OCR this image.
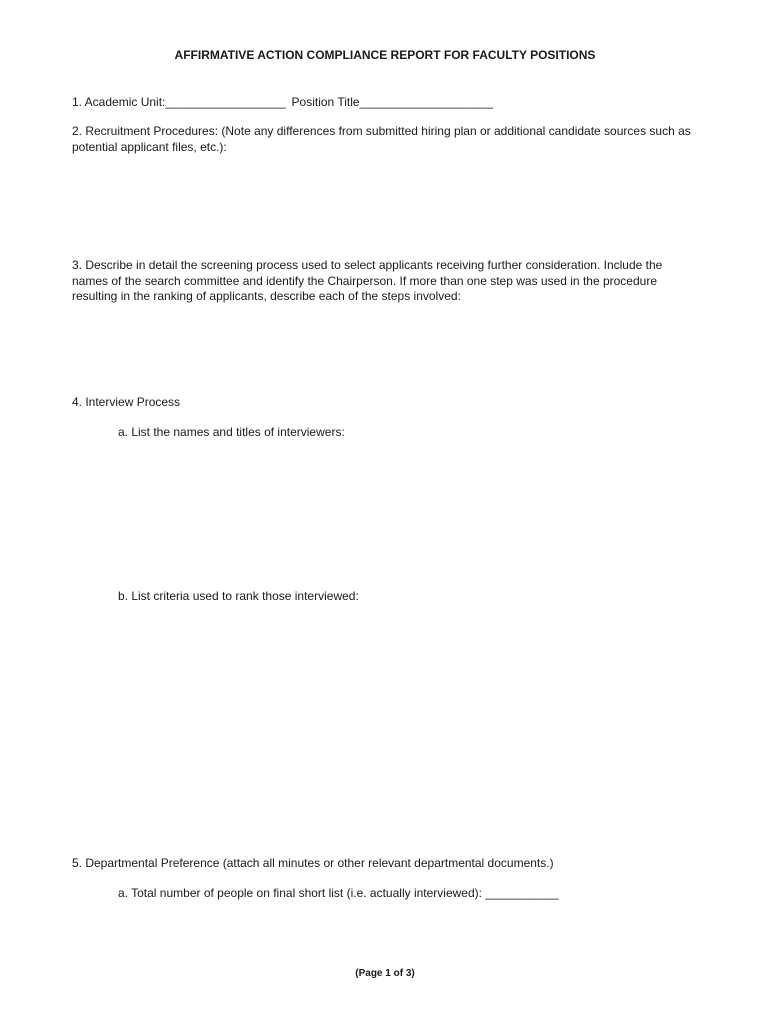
AFFIRMATIVE ACTION COMPLIANCE REPORT FOR FACULTY POSITIONS
1. Academic Unit:__________________ Position Title____________________
2. Recruitment Procedures: (Note any differences from submitted hiring plan or additional candidate sources such as potential applicant files, etc.):
3. Describe in detail the screening process used to select applicants receiving further consideration. Include the names of the search committee and identify the Chairperson. If more than one step was used in the procedure resulting in the ranking of applicants, describe each of the steps involved:
4. Interview Process
a. List the names and titles of interviewers:
b. List criteria used to rank those interviewed:
5. Departmental Preference (attach all minutes or other relevant departmental documents.)
a. Total number of people on final short list (i.e. actually interviewed): ___________
(Page 1 of 3)
